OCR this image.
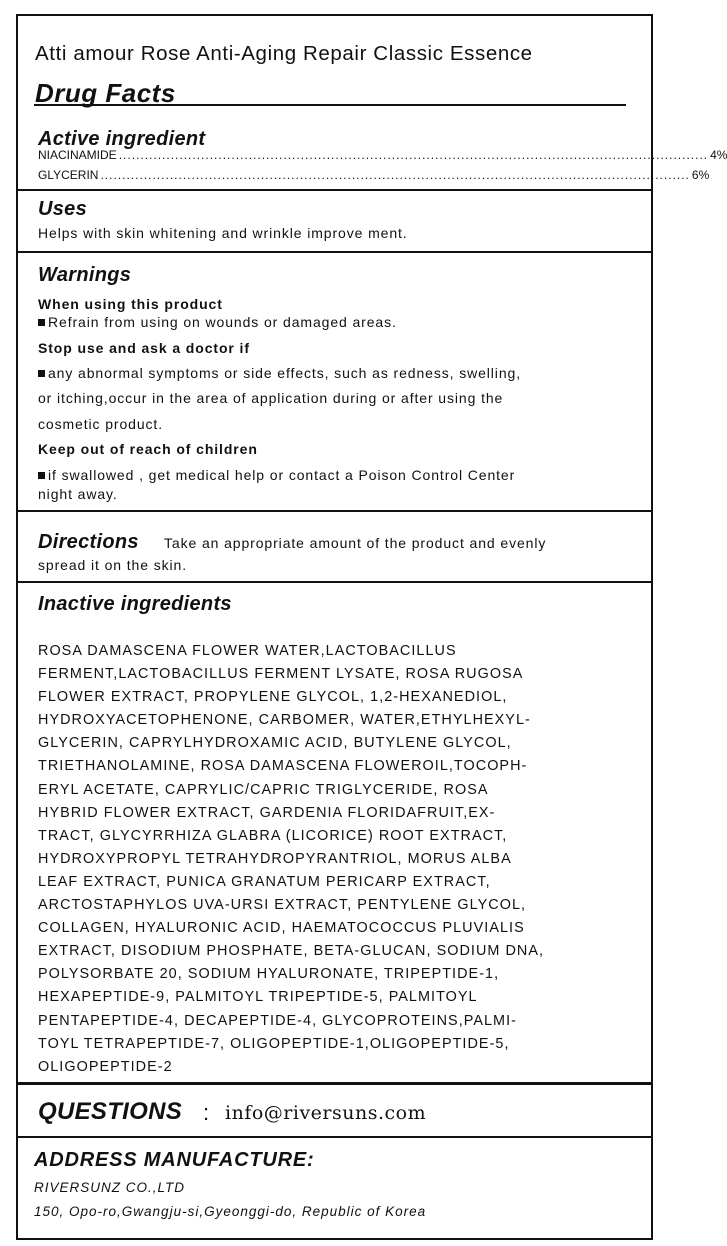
Atti amour Rose Anti-Aging Repair Classic Essence
Drug Facts
Active ingredient
NIACINAMIDE ........................................................................................................................................ 4%
GLYCERIN ........................................................................................................................................ 6%
Uses
Helps with skin whitening and wrinkle improve ment.
Warnings
When using this product
Refrain from using on wounds or damaged areas.
Stop use and ask a doctor if
any abnormal symptoms or side effects, such as redness, swelling,
or itching,occur in the area of application during or after using the
cosmetic product.
Keep out of reach of children
if swallowed , get medical help or contact a Poison Control Center
night away.
Directions Take an appropriate amount of the product and evenly
spread it on the skin.
Inactive ingredients
ROSA DAMASCENA FLOWER WATER,LACTOBACILLUS
FERMENT,LACTOBACILLUS FERMENT LYSATE, ROSA RUGOSA
FLOWER EXTRACT, PROPYLENE GLYCOL, 1,2-HEXANEDIOL,
HYDROXYACETOPHENONE, CARBOMER, WATER,ETHYLHEXYL-
GLYCERIN, CAPRYLHYDROXAMIC ACID, BUTYLENE GLYCOL,
TRIETHANOLAMINE, ROSA DAMASCENA FLOWEROIL,TOCOPH-
ERYL ACETATE, CAPRYLIC/CAPRIC TRIGLYCERIDE, ROSA
HYBRID FLOWER EXTRACT, GARDENIA FLORIDAFRUIT,EX-
TRACT, GLYCYRRHIZA GLABRA (LICORICE) ROOT EXTRACT,
HYDROXYPROPYL TETRAHYDROPYRANTRIOL, MORUS ALBA
LEAF EXTRACT, PUNICA GRANATUM PERICARP EXTRACT,
ARCTOSTAPHYLOS UVA-URSI EXTRACT, PENTYLENE GLYCOL,
COLLAGEN, HYALURONIC ACID, HAEMATOCOCCUS PLUVIALIS
EXTRACT, DISODIUM PHOSPHATE, BETA-GLUCAN, SODIUM DNA,
POLYSORBATE 20, SODIUM HYALURONATE, TRIPEPTIDE-1,
HEXAPEPTIDE-9, PALMITOYL TRIPEPTIDE-5, PALMITOYL
PENTAPEPTIDE-4, DECAPEPTIDE-4, GLYCOPROTEINS,PALMI-
TOYL TETRAPEPTIDE-7, OLIGOPEPTIDE-1,OLIGOPEPTIDE-5,
OLIGOPEPTIDE-2
QUESTIONS : info@riversuns.com
ADDRESS MANUFACTURE:
RIVERSUNZ CO.,LTD
150, Opo-ro,Gwangju-si,Gyeonggi-do, Republic of Korea
